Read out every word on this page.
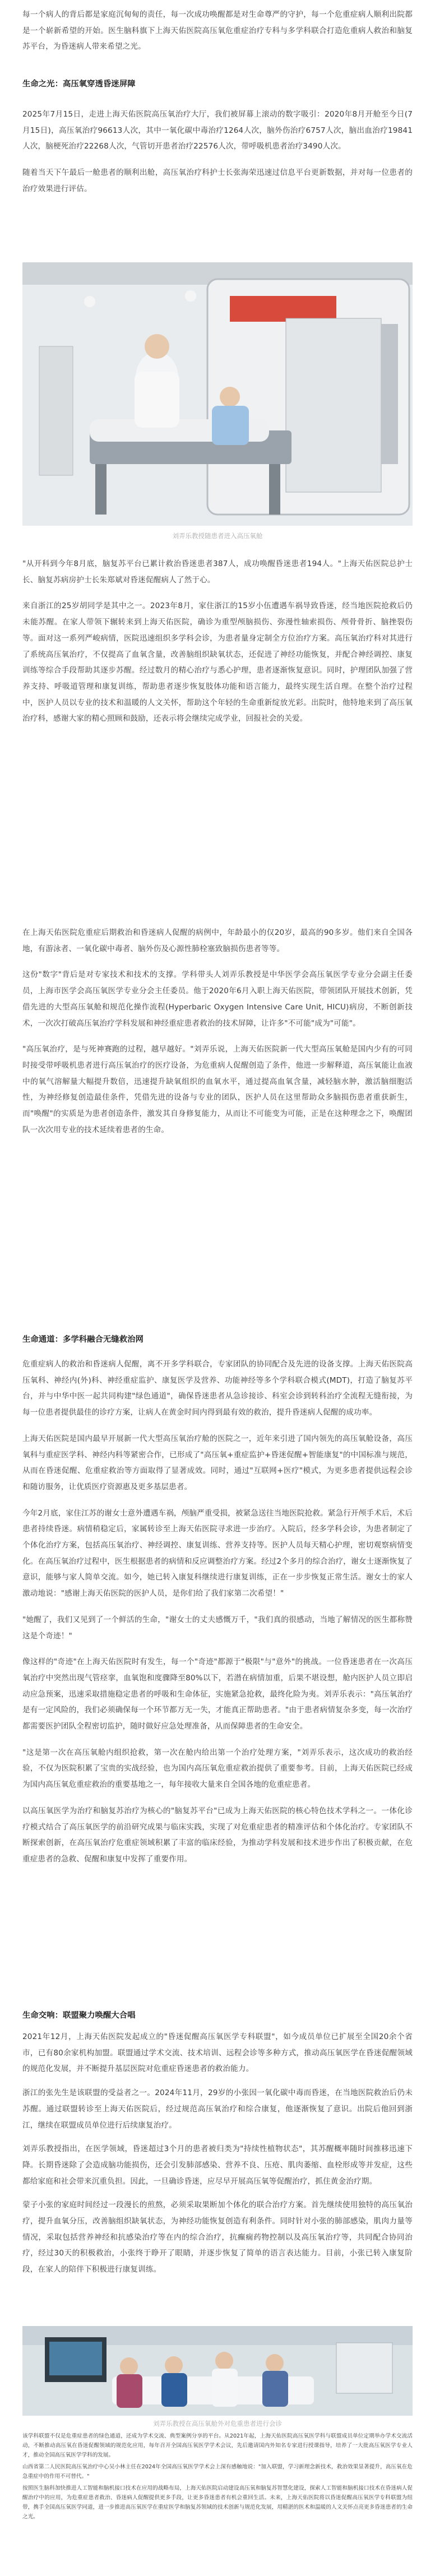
每一个病人的背后都是家庭沉甸甸的责任，每一次成功唤醒都是对生命尊严的守护，每一个危重症病人顺利出院都是一个崭新希望的开始。医生脑科旗下上海天佑医院高压氧危重症治疗专科与多学科联合打造危重病人救治和脑复苏平台，为昏迷病人带来希望之光。

生命之光：高压氧穿透昏迷屏障

2025年7月15日，走进上海天佑医院高压氧治疗大厅，我们被屏幕上滚动的数字吸引：2020年8月开舱至今日(7月15日)，高压氧治疗96613人次，其中一氧化碳中毒治疗1264人次，脑外伤治疗6757人次，脑出血治疗19841人次，脑梗死治疗22268人次，气管切开患者治疗22576人次，带呼吸机患者治疗3490人次。

随着当天下午最后一舱患者的顺利出舱，高压氧治疗科护士长张海荣迅速过信息平台更新数据，并对每一位患者的治疗效果进行评估。

刘弄乐教授随患者进入高压氧舱

"从开科到今年8月底，脑复苏平台已累计救治昏迷患者387人，成功唤醒昏迷患者194人。"上海天佑医院总护士长、脑复苏病房护士长朱郑斌对昏迷促醒病人了然于心。

来自浙江的25岁胡同学是其中之一。2023年8月，家住浙江的15岁小伍遭遇车祸导致昏迷，经当地医院抢救后仍未能苏醒。在家人带领下辗转来到上海天佑医院，确诊为重型颅脑损伤、弥漫性轴索损伤、颅骨骨折、脑挫裂伤等。面对这一系列严峻病情，医院迅速组织多学科会诊，为患者量身定制全方位治疗方案。高压氧治疗科对其进行了系统高压氧治疗，不仅提高了血氧含量，改善脑组织缺氧状态，还促进了神经功能恢复，并配合神经调控、康复训练等综合手段帮助其逐步苏醒。经过数月的精心治疗与悉心护理，患者逐渐恢复意识。同时，护理团队加强了营养支持、呼吸道管理和康复训练，帮助患者逐步恢复肢体功能和语言能力，最终实现生活自理。在整个治疗过程中，医护人员以专业的技术和温暖的人文关怀，帮助这个年轻的生命重新绽放光彩。出院时，他特地来到了高压氧治疗科，感谢大家的精心照顾和鼓励，还表示将会继续完成学业，回报社会的关爱。

在上海天佑医院危重症后期救治和昏迷病人促醒的病例中，年龄最小的仅20岁，最高的90多岁。他们来自全国各地，有游泳者、一氧化碳中毒者、脑外伤及心源性肺栓塞致脑损伤患者等等。

这份"数字"背后是对专家技术和技术的支撑。学科带头人刘弄乐教授是中华医学会高压氧医学专业分会副主任委员，上海市医学会高压氧医学专业分会主任委员。他于2020年6月入职上海天佑医院，带领团队开展技术创新，凭借先进的大型高压氧舱和规范化操作流程(Hyperbaric Oxygen Intensive Care Unit, HICU)病房，不断创新技术，一次次打破高压氧治疗学科发展和神经重症患者救治的技术屏障，让许多"不可能"成为"可能"。

"高压氧治疗，是与死神赛跑的过程，越早越好。"刘弄乐说，上海天佑医院新一代大型高压氧舱是国内少有的可同时接受带呼吸机患者进行高压氧治疗的医疗设备，为危重病人促醒创造了条件，他进一步解释道，高压氧能让血液中的氧气溶解量大幅提升数倍，迅速提升缺氧组织的血氧水平，通过提高血氧含量，减轻脑水肿，激活脑细胞活性，为神经修复创造最佳条件，凭借先进的设备与专业的团队，医护人员在这里帮助众多脑损伤患者重获新生，而"唤醒"的实质是为患者创造条件，激发其自身修复能力，从而让不可能变为可能，正是在这种理念之下，唤醒团队一次次用专业的技术延续着患者的生命。

生命通道：多学科融合无缝救治网

危重症病人的救治和昏迷病人促醒，离不开多学科联合，专家团队的协同配合及先进的设备支撑。上海天佑医院高压氧科、神经内(外)科、神经重症监护、康复医学及营养、功能神经等多个学科联合模式(MDT)，打造了脑复苏平台，并与中华中医一起共同构建"绿色通道"，确保昏迷患者从急诊接诊、科室会诊到转科治疗全流程无缝衔接，为每一位患者提供最佳的诊疗方案，让病人在黄金时间内得到最有效的救治，提升昏迷病人促醒的成功率。

上海天佑医院是国内最早开展新一代大型高压氧治疗舱的医院之一，近年来引进了国内领先的高压氧舱设备，高压氧科与重症医学科、神经内科等紧密合作，已形成了"高压氧+重症监护+昏迷促醒+智能康复"的中国标准与规范，从而在昏迷促醒、危重症救治等方面取得了显著成效。同时，通过"互联网+医疗"模式，为更多患者提供远程会诊和随访服务，让优质医疗资源惠及更多基层患者。

今年2月底，家住江苏的谢女士意外遭遇车祸，颅脑严重受损，被紧急送往当地医院抢救。紧急行开颅手术后，术后患者持续昏迷。病情稍稳定后，家属转诊至上海天佑医院寻求进一步治疗。入院后，经多学科会诊，为患者制定了个体化治疗方案，包括高压氧治疗、神经调控、康复训练、营养支持等。医护人员每天精心护理，密切观察病情变化。在高压氧治疗过程中，医生根据患者的病情和反应调整治疗方案。经过2个多月的综合治疗，谢女士逐渐恢复了意识，能够与家人简单交流。如今，她已转入康复科继续进行康复训练，正在一步步恢复正常生活。谢女士的家人激动地说："感谢上海天佑医院的医护人员，是你们给了我们家第二次希望！"

"她醒了，我们又见到了一个鲜活的生命，"谢女士的丈夫感慨万千，"我们真的很感动，当地了解情况的医生都称赞这是个奇迹！"

像这样的"奇迹"在上海天佑医院时有发生，每一个"奇迹"都源于"极限"与"意外"的挑战。一位昏迷患者在一次高压氧治疗中突然出现气管痉挛，血氧饱和度骤降至80%以下，若潜在病情加重，后果不堪设想，舱内医护人员立即启动应急预案，迅速采取措施稳定患者的呼吸和生命体征，实施紧急抢救，最终化险为夷。刘弄乐表示："高压氧治疗是有一定风险的，我们必须确保每一个环节都万无一失，才能真正帮助患者。"由于患者病情复杂多变，每一次治疗都需要医护团队全程密切监护，随时做好应急处理准备，从而保障患者的生命安全。

"这是第一次在高压氧舱内组织抢救，第一次在舱内给出第一个治疗处理方案，"刘弄乐表示，这次成功的救治经验，不仅为医院积累了宝贵的实战经验，也为国内高压氧危重症救治提供了重要参考。目前，上海天佑医院已经成为国内高压氧危重症救治的重要基地之一，每年接收大量来自全国各地的危重症患者。

以高压氧医学为治疗和脑复苏治疗为核心的"脑复苏平台"已成为上海天佑医院的核心特色技术学科之一。一体化诊疗模式结合了高压氧医学的前沿研究成果与临床实践，实现了对危重症患者的精准评估和个体化治疗。专家团队不断探索创新，在高压氧治疗危重症领域积累了丰富的临床经验，为推动学科发展和技术进步作出了积极贡献，在危重症患者的急救、促醒和康复中发挥了重要作用。

生命交响：联盟聚力唤醒大合唱

2021年12月，上海天佑医院发起成立的"昏迷促醒高压氧医学专科联盟"，如今成员单位已扩展至全国20余个省市，已有80余家机构加盟。联盟通过学术交流、技术培训、远程会诊等多种方式，推动高压氧医学在昏迷促醒领域的规范化发展，并不断提升基层医院对危重症昏迷患者的救治能力。

浙江的张先生是该联盟的受益者之一。2024年11月，29岁的小张因一氧化碳中毒而昏迷，在当地医院救治后仍未苏醒。通过联盟转诊至上海天佑医院后，经过规范高压氧治疗和综合康复，他逐渐恢复了意识。出院后他回到浙江，继续在联盟成员单位进行后续康复治疗。

刘弄乐教授指出，在医学领域，昏迷超过3个月的患者被归类为"持续性植物状态"，其苏醒概率随时间推移迅速下降。长期昏迷除了会造成脑功能损伤，还会引发肺部感染、营养不良、压疮、肌肉萎缩、血栓形成等并发症，这些都给家庭和社会带来沉重负担。因此，一旦确诊昏迷，应尽早开展高压氧等促醒治疗，抓住黄金治疗期。

蒙子小张的家庭时间经过一段漫长的煎熬，必须采取果断加个体化的联合治疗方案。首先继续使用独特的高压氧治疗，提升血氧分压，改善脑组织缺氧状态，为神经功能恢复创造有利条件。同时针对小张的肺部感染，肌肉力量等情况，采取包括营养神经和抗感染治疗等在内的综合治疗，抗癫痫药物控制以及高压氧治疗等，共同配合协同治疗，经过30天的积极救治，小张终于睁开了眼睛，并逐步恢复了简单的语言表达能力。目前，小张已转入康复阶段，在家人的陪伴下积极进行康复训练。

刘弄乐教授在高压氧舱外对危重患者进行会诊

该学科联盟不仅是危重症患者的绿色通道，还成为学术交流、典型案例分享的平台。从2021年起，上海天佑医院高压氧医学科与联盟成员单位定期举办学术交流活动，不断推动高压氧在昏迷促醒领域的规范化应用，每年召开全国高压氧医学学术会议，先后邀请国内外知名专家进行授课指导，培养了一大批高压氧医学专业人才，推动全国高压氧医学学科的发展。

山西省第二人民医院高压氧治疗中心吴小林主任在2024年全国高压氧医学学术会上深有感触地说："加入联盟，学习新理念新技术，救治效果显著提升，高压氧在危急重症中的作用不可替代。"

按照医生脑科加快推进人工智能和脑机接口技术在应用的战略布局，上海天佑医院启动建设高压氧和脑复苏智慧化建设，探索人工智能和脑机接口技术在昏迷病人促醒治疗中的应用，为危重症患者救治、昏迷病人促醒提供更多手段，让更多昏迷患者有机会重回生活。未来，上海天佑医院将以昏迷促醒高压氧医学专科联盟为纽带，携手全国高压氧医学同道，进一步推进高压氧医学在重症医学和脑复苏领域的技术创新与规范化发展，用精湛的医术和温暖的人文关怀点亮更多昏迷患者的生命之光。
